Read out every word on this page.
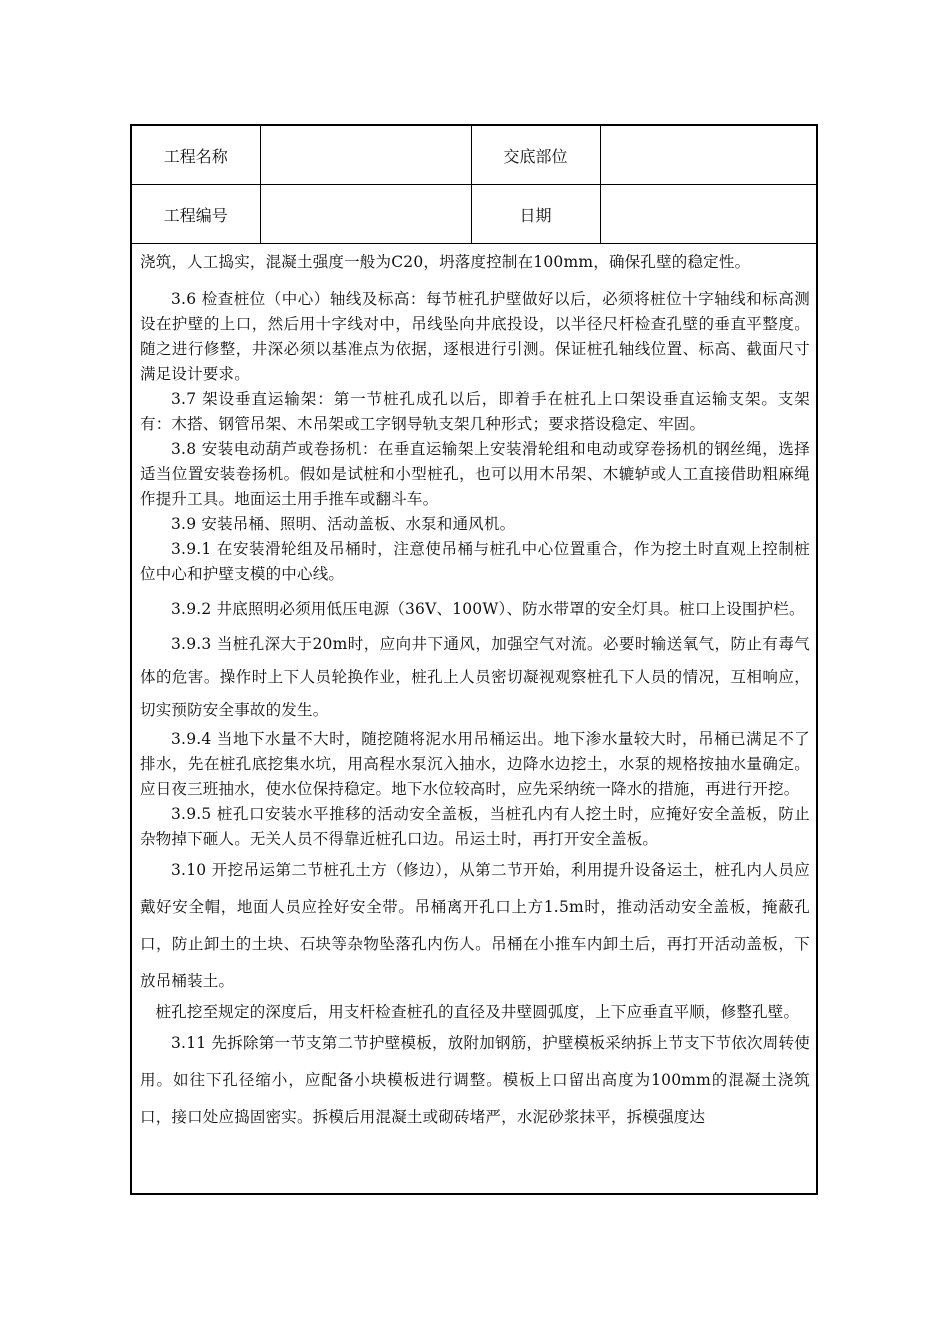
工程名称		交底部位	
工程编号		日期	

浇筑，人工捣实，混凝土强度一般为C20，坍落度控制在100mm，确保孔壁的稳定性。

3.6 检查桩位（中心）轴线及标高：每节桩孔护壁做好以后，必须将桩位十字轴线和标高测设在护壁的上口，然后用十字线对中，吊线坠向井底投设，以半径尺杆检查孔壁的垂直平整度。随之进行修整，井深必须以基准点为依据，逐根进行引测。保证桩孔轴线位置、标高、截面尺寸满足设计要求。

3.7 架设垂直运输架：第一节桩孔成孔以后，即着手在桩孔上口架设垂直运输支架。支架有：木搭、钢管吊架、木吊架或工字钢导轨支架几种形式；要求搭设稳定、牢固。

3.8 安装电动葫芦或卷扬机：在垂直运输架上安装滑轮组和电动或穿卷扬机的钢丝绳，选择适当位置安装卷扬机。假如是试桩和小型桩孔，也可以用木吊架、木辘轳或人工直接借助粗麻绳作提升工具。地面运土用手推车或翻斗车。

3.9 安装吊桶、照明、活动盖板、水泵和通风机。

3.9.1 在安装滑轮组及吊桶时，注意使吊桶与桩孔中心位置重合，作为挖土时直观上控制桩位中心和护壁支模的中心线。

3.9.2 井底照明必须用低压电源（36V、100W）、防水带罩的安全灯具。桩口上设围护栏。

3.9.3 当桩孔深大于20m时，应向井下通风，加强空气对流。必要时输送氧气，防止有毒气体的危害。操作时上下人员轮换作业，桩孔上人员密切凝视观察桩孔下人员的情况，互相响应，切实预防安全事故的发生。

3.9.4 当地下水量不大时，随挖随将泥水用吊桶运出。地下渗水量较大时，吊桶已满足不了排水，先在桩孔底挖集水坑，用高程水泵沉入抽水，边降水边挖土，水泵的规格按抽水量确定。应日夜三班抽水，使水位保持稳定。地下水位较高时，应先采纳统一降水的措施，再进行开挖。

3.9.5 桩孔口安装水平推移的活动安全盖板，当桩孔内有人挖土时，应掩好安全盖板，防止杂物掉下砸人。无关人员不得靠近桩孔口边。吊运土时，再打开安全盖板。

3.10 开挖吊运第二节桩孔土方（修边），从第二节开始，利用提升设备运土，桩孔内人员应戴好安全帽，地面人员应拴好安全带。吊桶离开孔口上方1.5m时，推动活动安全盖板，掩蔽孔口，防止卸土的土块、石块等杂物坠落孔内伤人。吊桶在小推车内卸土后，再打开活动盖板，下放吊桶装土。

桩孔挖至规定的深度后，用支杆检查桩孔的直径及井壁圆弧度，上下应垂直平顺，修整孔壁。

3.11 先拆除第一节支第二节护壁模板，放附加钢筋，护壁模板采纳拆上节支下节依次周转使用。如往下孔径缩小，应配备小块模板进行调整。模板上口留出高度为100mm的混凝土浇筑口，接口处应捣固密实。拆模后用混凝土或砌砖堵严，水泥砂浆抹平，拆模强度达
